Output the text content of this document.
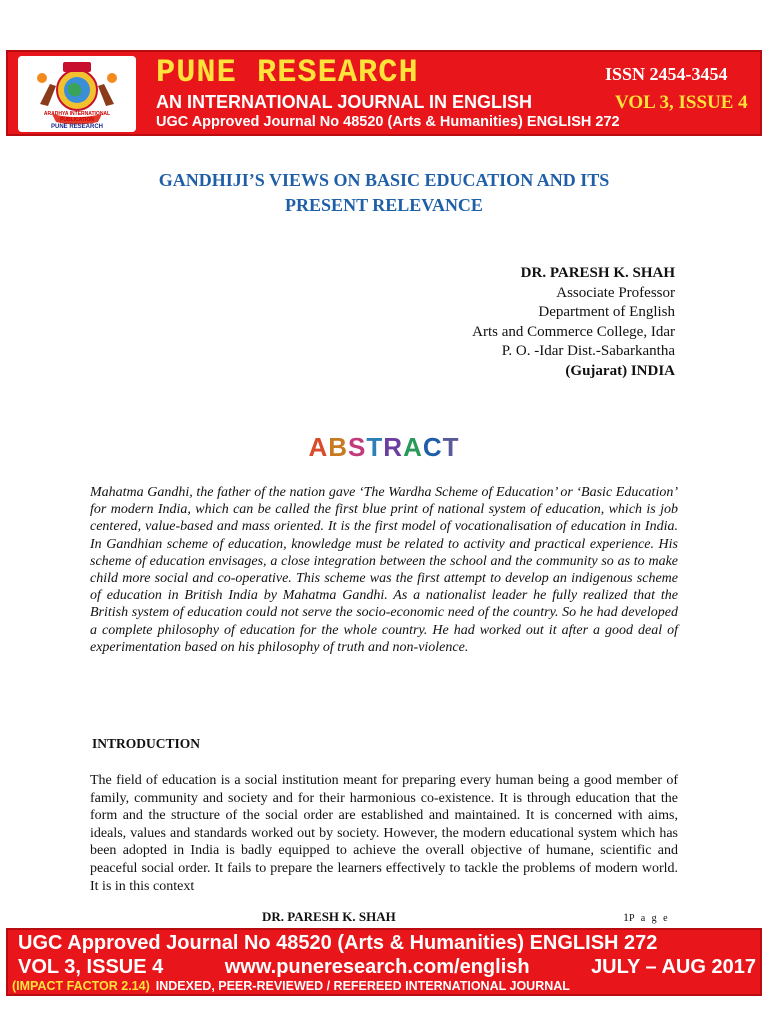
ARADHYA INTERNATIONAL PUBLICATION
PUNE RESEARCH
PUNE RESEARCH	ISSN 2454-3454
AN INTERNATIONAL JOURNAL IN ENGLISH	VOL 3, ISSUE 4
UGC Approved Journal No 48520 (Arts & Humanities) ENGLISH 272
GANDHIJI’S VIEWS ON BASIC EDUCATION AND ITS
PRESENT RELEVANCE
DR. PARESH K. SHAH
Associate Professor
Department of English
Arts and Commerce College, Idar
P. O. -Idar Dist.-Sabarkantha
(Gujarat) INDIA
ABSTRACT

Mahatma Gandhi, the father of the nation gave ‘The Wardha Scheme of Education’ or ‘Basic Education’ for modern India, which can be called the first blue print of national system of education, which is job centered, value-based and mass oriented. It is the first model of vocationalisation of education in India. In Gandhian scheme of education, knowledge must be related to activity and practical experience. His scheme of education envisages, a close integration between the school and the community so as to make child more social and co-operative. This scheme was the first attempt to develop an indigenous scheme of education in British India by Mahatma Gandhi. As a nationalist leader he fully realized that the British system of education could not serve the socio-economic need of the country. So he had developed a complete philosophy of education for the whole country. He had worked out it after a good deal of experimentation based on his philosophy of truth and non-violence.

INTRODUCTION

The field of education is a social institution meant for preparing every human being a good member of family, community and society and for their harmonious co-existence. It is through education that the form and the structure of the social order are established and maintained. It is concerned with aims, ideals, values and standards worked out by society. However, the modern educational system which has been adopted in India is badly equipped to achieve the overall objective of humane, scientific and peaceful social order. It fails to prepare the learners effectively to tackle the problems of modern world. It is in this context

DR. PARESH K. SHAH	1P a g e
UGC Approved Journal No 48520 (Arts & Humanities) ENGLISH 272
VOL 3, ISSUE 4	www.puneresearch.com/english	JULY – AUG 2017
(IMPACT FACTOR 2.14) INDEXED, PEER-REVIEWED / REFEREED INTERNATIONAL JOURNAL
